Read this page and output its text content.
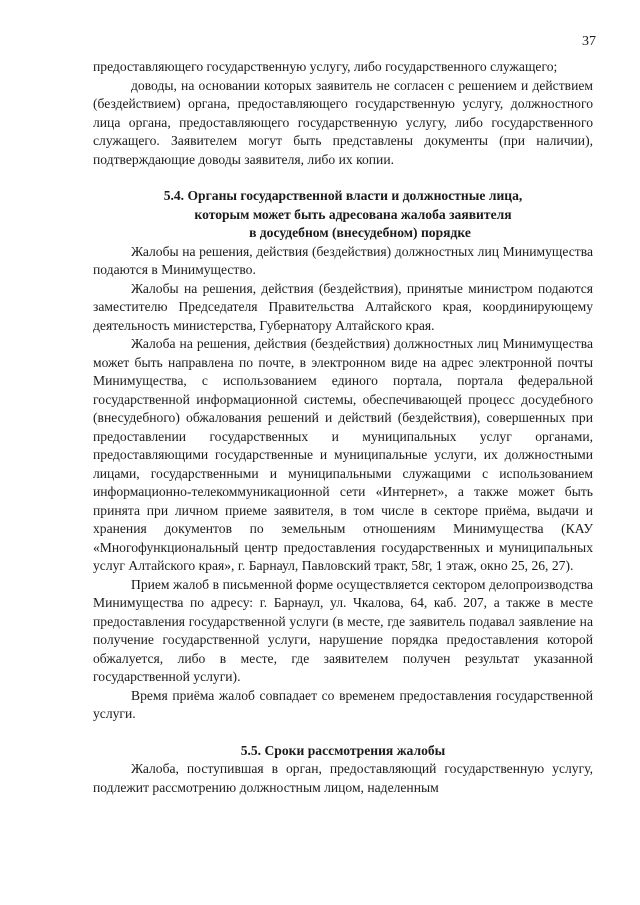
37

предоставляющего государственную услугу, либо государственного служащего;

доводы, на основании которых заявитель не согласен с решением и действием (бездействием) органа, предоставляющего государственную услугу, должностного лица органа, предоставляющего государственную услугу, либо государственного служащего. Заявителем могут быть представлены документы (при наличии), подтверждающие доводы заявителя, либо их копии.

5.4. Органы государственной власти и должностные лица,
которым может быть адресована жалоба заявителя
в досудебном (внесудебном) порядке

Жалобы на решения, действия (бездействия) должностных лиц Минимущества подаются в Минимущество.

Жалобы на решения, действия (бездействия), принятые министром подаются заместителю Председателя Правительства Алтайского края, координирующему деятельность министерства, Губернатору Алтайского края.

Жалоба на решения, действия (бездействия) должностных лиц Минимущества может быть направлена по почте, в электронном виде на адрес электронной почты Минимущества, с использованием единого портала, портала федеральной государственной информационной системы, обеспечивающей процесс досудебного (внесудебного) обжалования решений и действий (бездействия), совершенных при предоставлении государственных и муниципальных услуг органами, предоставляющими государственные и муниципальные услуги, их должностными лицами, государственными и муниципальными служащими с использованием информационно-телекоммуникационной сети «Интернет», а также может быть принята при личном приеме заявителя, в том числе в секторе приёма, выдачи и хранения документов по земельным отношениям Минимущества (КАУ «Многофункциональный центр предоставления государственных и муниципальных услуг Алтайского края», г. Барнаул, Павловский тракт, 58г, 1 этаж, окно 25, 26, 27).

Прием жалоб в письменной форме осуществляется сектором делопроизводства Минимущества по адресу: г. Барнаул, ул. Чкалова, 64, каб. 207, а также в месте предоставления государственной услуги (в месте, где заявитель подавал заявление на получение государственной услуги, нарушение порядка предоставления которой обжалуется, либо в месте, где заявителем получен результат указанной государственной услуги).

Время приёма жалоб совпадает со временем предоставления государственной услуги.

5.5. Сроки рассмотрения жалобы

Жалоба, поступившая в орган, предоставляющий государственную услугу, подлежит рассмотрению должностным лицом, наделенным
